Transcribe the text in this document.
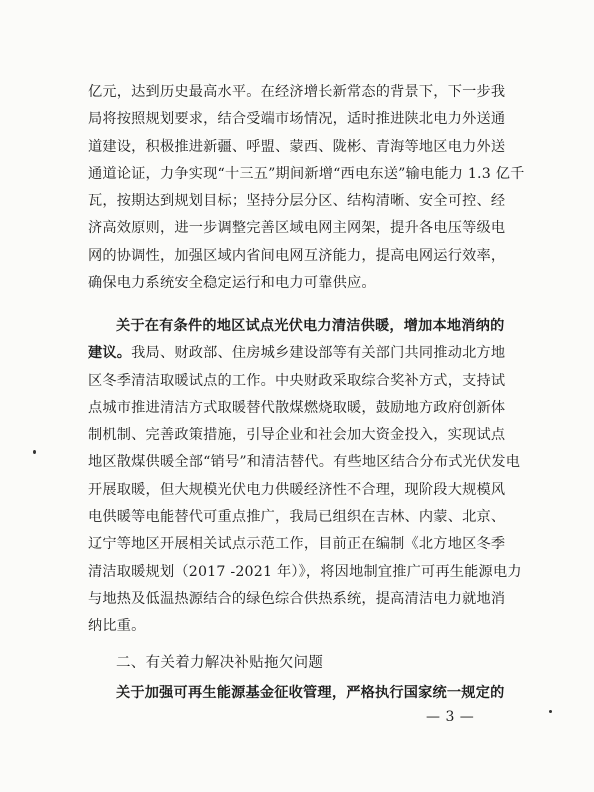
亿元，达到历史最高水平。在经济增长新常态的背景下，下一步我
局将按照规划要求，结合受端市场情况，适时推进陕北电力外送通
道建设，积极推进新疆、呼盟、蒙西、陇彬、青海等地区电力外送
通道论证，力争实现“十三五”期间新增“西电东送”输电能力 1.3 亿千
瓦，按期达到规划目标；坚持分层分区、结构清晰、安全可控、经
济高效原则，进一步调整完善区域电网主网架，提升各电压等级电
网的协调性，加强区域内省间电网互济能力，提高电网运行效率，
确保电力系统安全稳定运行和电力可靠供应。
关于在有条件的地区试点光伏电力清洁供暖，增加本地消纳的
建议。我局、财政部、住房城乡建设部等有关部门共同推动北方地
区冬季清洁取暖试点的工作。中央财政采取综合奖补方式，支持试
点城市推进清洁方式取暖替代散煤燃烧取暖，鼓励地方政府创新体
制机制、完善政策措施，引导企业和社会加大资金投入，实现试点
地区散煤供暖全部“销号”和清洁替代。有些地区结合分布式光伏发电
开展取暖，但大规模光伏电力供暖经济性不合理，现阶段大规模风
电供暖等电能替代可重点推广，我局已组织在吉林、内蒙、北京、
辽宁等地区开展相关试点示范工作，目前正在编制《北方地区冬季
清洁取暖规划（2017 -2021 年）》，将因地制宜推广可再生能源电力
与地热及低温热源结合的绿色综合供热系统，提高清洁电力就地消
纳比重。
二、有关着力解决补贴拖欠问题
关于加强可再生能源基金征收管理，严格执行国家统一规定的
— 3 —
